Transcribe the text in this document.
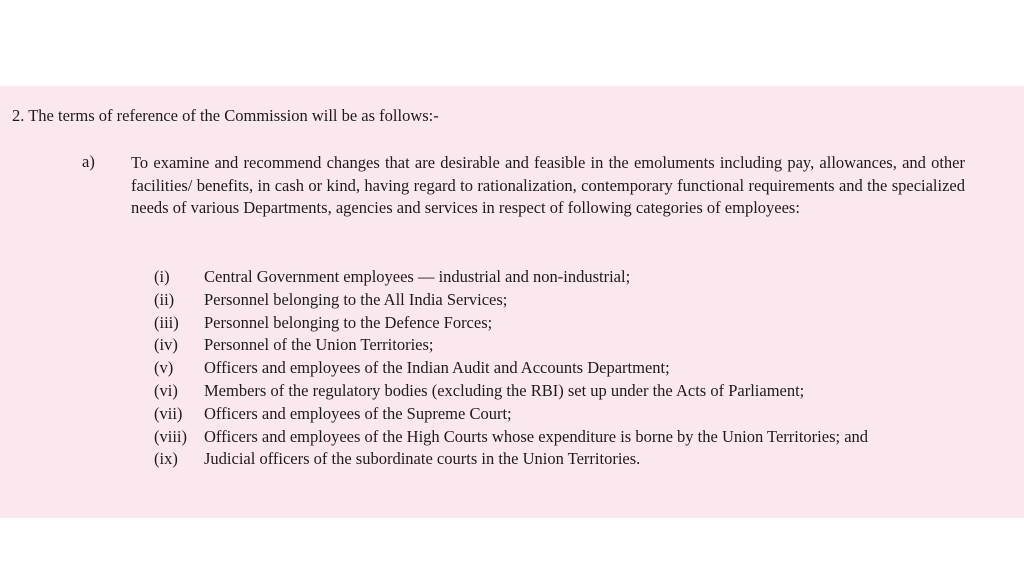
2. The terms of reference of the Commission will be as follows:-
a) To examine and recommend changes that are desirable and feasible in the emoluments including pay, allowances, and other facilities/ benefits, in cash or kind, having regard to rationalization, contemporary functional requirements and the specialized needs of various Departments, agencies and services in respect of following categories of employees:

(i)	Central Government employees — industrial and non-industrial;
(ii)	Personnel belonging to the All India Services;
(iii)	Personnel belonging to the Defence Forces;
(iv)	Personnel of the Union Territories;
(v)	Officers and employees of the Indian Audit and Accounts Department;
(vi)	Members of the regulatory bodies (excluding the RBI) set up under the Acts of Parliament;
(vii)	Officers and employees of the Supreme Court;
(viii)	Officers and employees of the High Courts whose expenditure is borne by the Union Territories; and
(ix)	Judicial officers of the subordinate courts in the Union Territories.
